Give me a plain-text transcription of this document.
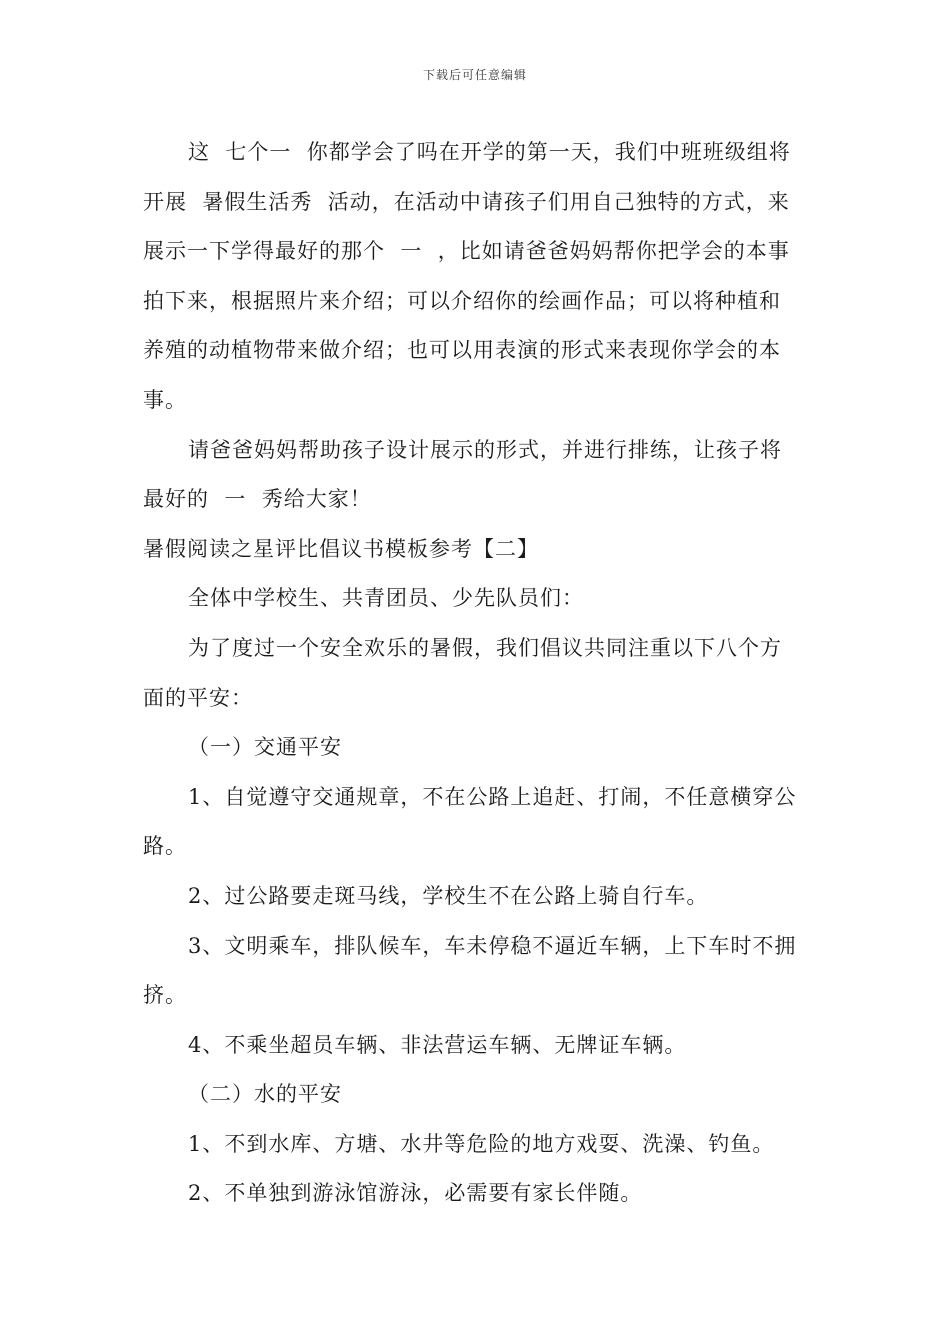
下载后可任意编辑
这  七个一  你都学会了吗在开学的第一天，我们中班班级组将
开展  暑假生活秀  活动，在活动中请孩子们用自己独特的方式，来
展示一下学得最好的那个  一  ，比如请爸爸妈妈帮你把学会的本事
拍下来，根据照片来介绍；可以介绍你的绘画作品；可以将种植和
养殖的动植物带来做介绍；也可以用表演的形式来表现你学会的本
事。
请爸爸妈妈帮助孩子设计展示的形式，并进行排练，让孩子将
最好的  一  秀给大家！
暑假阅读之星评比倡议书模板参考【二】
全体中学校生、共青团员、少先队员们：
为了度过一个安全欢乐的暑假，我们倡议共同注重以下八个方
面的平安：
（一）交通平安
1、自觉遵守交通规章，不在公路上追赶、打闹，不任意横穿公
路。
2、过公路要走斑马线，学校生不在公路上骑自行车。
3、文明乘车，排队候车，车未停稳不逼近车辆，上下车时不拥
挤。
4、不乘坐超员车辆、非法营运车辆、无牌证车辆。
（二）水的平安
1、不到水库、方塘、水井等危险的地方戏耍、洗澡、钓鱼。
2、不单独到游泳馆游泳，必需要有家长伴随。
